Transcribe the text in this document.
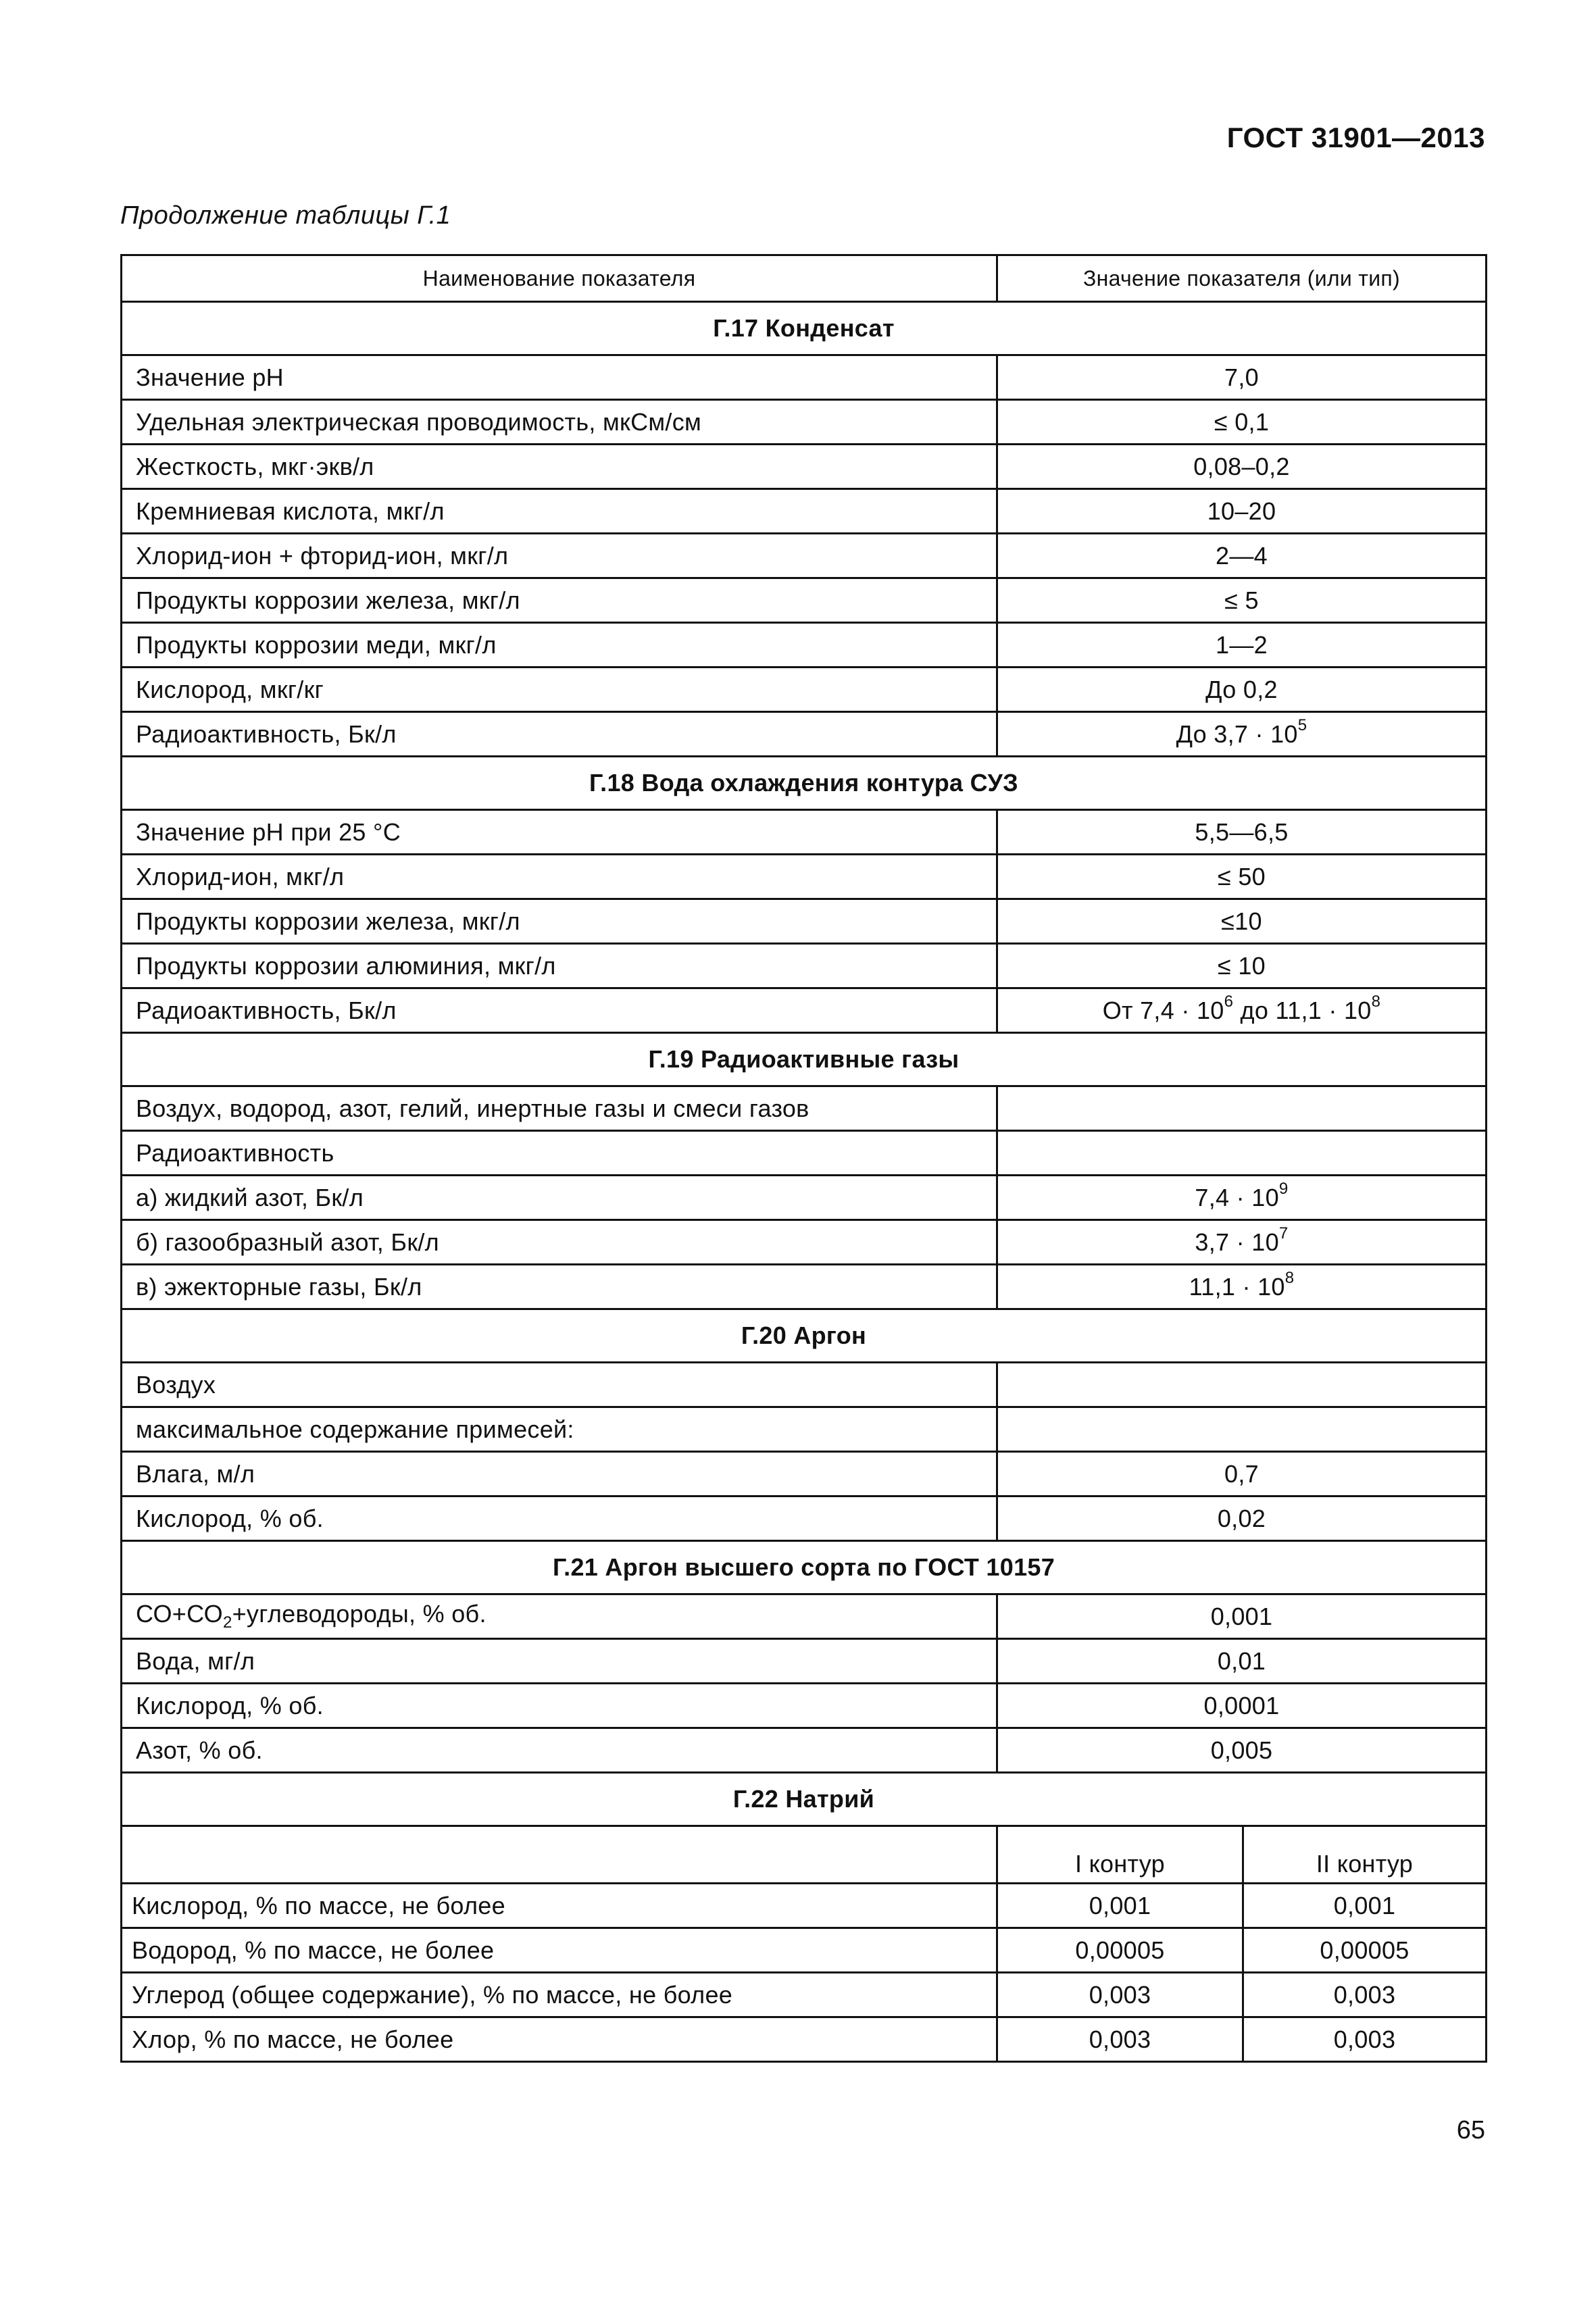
ГОСТ 31901—2013
Продолжение таблицы Г.1
Наименование показателя	Значение показателя (или тип)	
Г.17 Конденсат		
Значение pH	7,0	
Удельная электрическая проводимость, мкСм/см	≤ 0,1	
Жесткость, мкг·экв/л	0,08–0,2	
Кремниевая кислота, мкг/л	10–20	
Хлорид-ион + фторид-ион, мкг/л	2—4	
Продукты коррозии железа, мкг/л	≤ 5	
Продукты коррозии меди, мкг/л	1—2	
Кислород, мкг/кг	До 0,2	
Радиоактивность, Бк/л	До $3,7 \cdot 10^5$
Г.18 Вода охлаждения контура СУЗ		
Значение pH при 25 °С	5,5—6,5	
Хлорид-ион, мкг/л	≤ 50	
Продукты коррозии железа, мкг/л	≤10	
Продукты коррозии алюминия, мкг/л	≤ 10	
Радиоактивность, Бк/л	От $7,4 \cdot 10^6$ до $11,1 \cdot 10^8$
Г.19 Радиоактивные газы		
Воздух, водород, азот, гелий, инертные газы и смеси газов		
Радиоактивность		
а) жидкий азот, Бк/л	$7,4 \cdot 10^9$
б) газообразный азот, Бк/л	$3,7 \cdot 10^7$
в) эжекторные газы, Бк/л	$11,1 \cdot 10^8$
Г.20 Аргон		
Воздух		
максимальное содержание примесей:		
Влага, м/л	0,7	
Кислород, % об.	0,02	
Г.21 Аргон высшего сорта по ГОСТ 10157		
$СО+СО_2+углеводороды$, % об.	0,001	
Вода, мг/л	0,01	
Кислород, % об.	0,0001	
Азот, % об.	0,005	
Г.22 Натрий		
	I контур	II контур
Кислород, % по массе, не более	0,001	0,001
Водород, % по массе, не более	0,00005	0,00005
Углерод (общее содержание), % по массе, не более	0,003	0,003
Хлор, % по массе, не более	0,003	0,003
65
